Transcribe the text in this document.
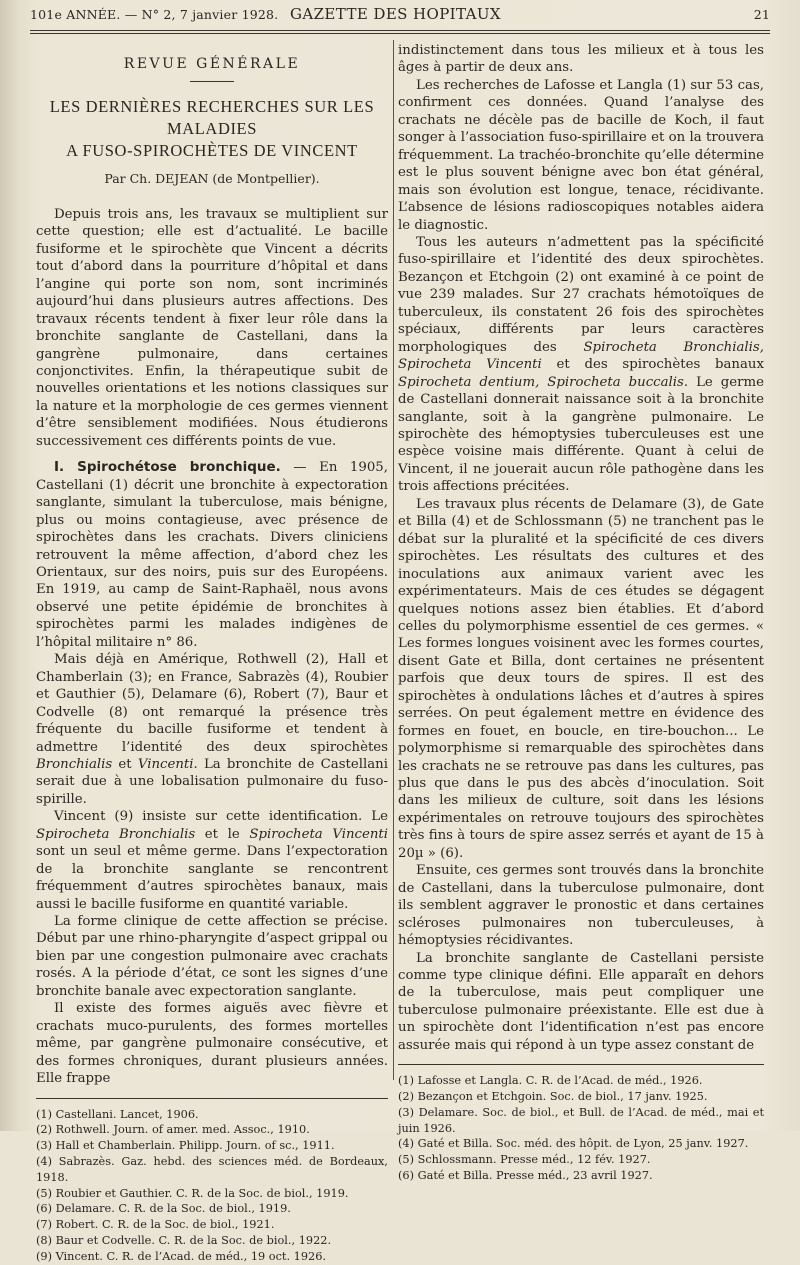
101e ANNÉE. — N° 2, 7 janvier 1928. GAZETTE DES HOPITAUX	21
REVUE GÉNÉRALE
LES DERNIÈRES RECHERCHES SUR LES MALADIES
A FUSO-SPIROCHÈTES DE VINCENT
Par Ch. DEJEAN (de Montpellier).

Depuis trois ans, les travaux se multiplient sur cette question; elle est d’actualité. Le bacille fusiforme et le spirochète que Vincent a décrits tout d’abord dans la pourriture d’hôpital et dans l’angine qui porte son nom, sont incriminés aujourd’hui dans plusieurs autres affections. Des travaux récents tendent à fixer leur rôle dans la bronchite sanglante de Castellani, dans la gangrène pulmonaire, dans certaines conjonctivites. Enfin, la thérapeutique subit de nouvelles orientations et les notions classiques sur la nature et la morphologie de ces germes viennent d’être sensiblement modifiées. Nous étudierons successivement ces différents points de vue.

I. Spirochétose bronchique. — En 1905, Castellani (1) décrit une bronchite à expectoration sanglante, simulant la tuberculose, mais bénigne, plus ou moins contagieuse, avec présence de spirochètes dans les crachats. Divers cliniciens retrouvent la même affection, d’abord chez les Orientaux, sur des noirs, puis sur des Européens. En 1919, au camp de Saint-Raphaël, nous avons observé une petite épidémie de bronchites à spirochètes parmi les malades indigènes de l’hôpital militaire n° 86.

Mais déjà en Amérique, Rothwell (2), Hall et Chamberlain (3); en France, Sabrazès (4), Roubier et Gauthier (5), Delamare (6), Robert (7), Baur et Codvelle (8) ont remarqué la présence très fréquente du bacille fusiforme et tendent à admettre l’identité des deux spirochètes Bronchialis et Vincenti. La bronchite de Castellani serait due à une lobalisation pulmonaire du fuso-spirille.

Vincent (9) insiste sur cette identification. Le Spirocheta Bronchialis et le Spirocheta Vincenti sont un seul et même germe. Dans l’expectoration de la bronchite sanglante se rencontrent fréquemment d’autres spirochètes banaux, mais aussi le bacille fusiforme en quantité variable.

La forme clinique de cette affection se précise. Début par une rhino-pharyngite d’aspect grippal ou bien par une congestion pulmonaire avec crachats rosés. A la période d’état, ce sont les signes d’une bronchite banale avec expectoration sanglante.

Il existe des formes aiguës avec fièvre et crachats muco-purulents, des formes mortelles même, par gangrène pulmonaire consécutive, et des formes chroniques, durant plusieurs années. Elle frappe

(1) Castellani. Lancet, 1906.
(2) Rothwell. Journ. of amer. med. Assoc., 1910.
(3) Hall et Chamberlain. Philipp. Journ. of sc., 1911.
(4) Sabrazès. Gaz. hebd. des sciences méd. de Bordeaux, 1918.
(5) Roubier et Gauthier. C. R. de la Soc. de biol., 1919.
(6) Delamare. C. R. de la Soc. de biol., 1919.
(7) Robert. C. R. de la Soc. de biol., 1921.
(8) Baur et Codvelle. C. R. de la Soc. de biol., 1922.
(9) Vincent. C. R. de l’Acad. de méd., 19 oct. 1926.

indistinctement dans tous les milieux et à tous les âges à partir de deux ans.

Les recherches de Lafosse et Langla (1) sur 53 cas, confirment ces données. Quand l’analyse des crachats ne décèle pas de bacille de Koch, il faut songer à l’association fuso-spirillaire et on la trouvera fréquemment. La trachéo-bronchite qu’elle détermine est le plus souvent bénigne avec bon état général, mais son évolution est longue, tenace, récidivante. L’absence de lésions radioscopiques notables aidera le diagnostic.

Tous les auteurs n’admettent pas la spécificité fuso-spirillaire et l’identité des deux spirochètes. Bezançon et Etchgoin (2) ont examiné à ce point de vue 239 malades. Sur 27 crachats hémotoïques de tuberculeux, ils constatent 26 fois des spirochètes spéciaux, différents par leurs caractères morphologiques des Spirocheta Bronchialis, Spirocheta Vincenti et des spirochètes banaux Spirocheta dentium, Spirocheta buccalis. Le germe de Castellani donnerait naissance soit à la bronchite sanglante, soit à la gangrène pulmonaire. Le spirochète des hémoptysies tuberculeuses est une espèce voisine mais différente. Quant à celui de Vincent, il ne jouerait aucun rôle pathogène dans les trois affections précitées.

Les travaux plus récents de Delamare (3), de Gate et Billa (4) et de Schlossmann (5) ne tranchent pas le débat sur la pluralité et la spécificité de ces divers spirochètes. Les résultats des cultures et des inoculations aux animaux varient avec les expérimentateurs. Mais de ces études se dégagent quelques notions assez bien établies. Et d’abord celles du polymorphisme essentiel de ces germes. « Les formes longues voisinent avec les formes courtes, disent Gate et Billa, dont certaines ne présentent parfois que deux tours de spires. Il est des spirochètes à ondulations lâches et d’autres à spires serrées. On peut également mettre en évidence des formes en fouet, en boucle, en tire-bouchon... Le polymorphisme si remarquable des spirochètes dans les crachats ne se retrouve pas dans les cultures, pas plus que dans le pus des abcès d’inoculation. Soit dans les milieux de culture, soit dans les lésions expérimentales on retrouve toujours des spirochètes très fins à tours de spire assez serrés et ayant de 15 à 20µ » (6).

Ensuite, ces germes sont trouvés dans la bronchite de Castellani, dans la tuberculose pulmonaire, dont ils semblent aggraver le pronostic et dans certaines scléroses pulmonaires non tuberculeuses, à hémoptysies récidivantes.

La bronchite sanglante de Castellani persiste comme type clinique défini. Elle apparaît en dehors de la tuberculose, mais peut compliquer une tuberculose pulmonaire préexistante. Elle est due à un spirochète dont l’identification n’est pas encore assurée mais qui répond à un type assez constant de

(1) Lafosse et Langla. C. R. de l’Acad. de méd., 1926.
(2) Bezançon et Etchgoin. Soc. de biol., 17 janv. 1925.
(3) Delamare. Soc. de biol., et Bull. de l’Acad. de méd., mai et juin 1926.
(4) Gaté et Billa. Soc. méd. des hôpit. de Lyon, 25 janv. 1927.
(5) Schlossmann. Presse méd., 12 fév. 1927.
(6) Gaté et Billa. Presse méd., 23 avril 1927.
